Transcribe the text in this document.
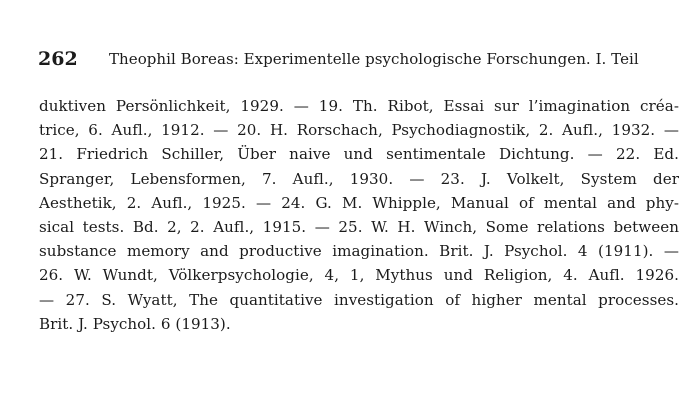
262 Theophil Boreas: Experimentelle psychologische Forschungen. I. Teil
duktiven Persönlichkeit, 1929. — 19. Th. Ribot, Essai sur l’imagination créa-
trice, 6. Aufl., 1912. — 20. H. Rorschach, Psychodiagnostik, 2. Aufl., 1932. —
21. Friedrich Schiller, Über naive und sentimentale Dichtung. — 22. Ed.
Spranger, Lebensformen, 7. Aufl., 1930. — 23. J. Volkelt, System der
Aesthetik, 2. Aufl., 1925. — 24. G. M. Whipple, Manual of mental and phy-
sical tests. Bd. 2, 2. Aufl., 1915. — 25. W. H. Winch, Some relations between
substance memory and productive imagination. Brit. J. Psychol. 4 (1911). —
26. W. Wundt, Völkerpsychologie, 4, 1, Mythus und Religion, 4. Aufl. 1926.
— 27. S. Wyatt, The quantitative investigation of higher mental processes.
Brit. J. Psychol. 6 (1913).
